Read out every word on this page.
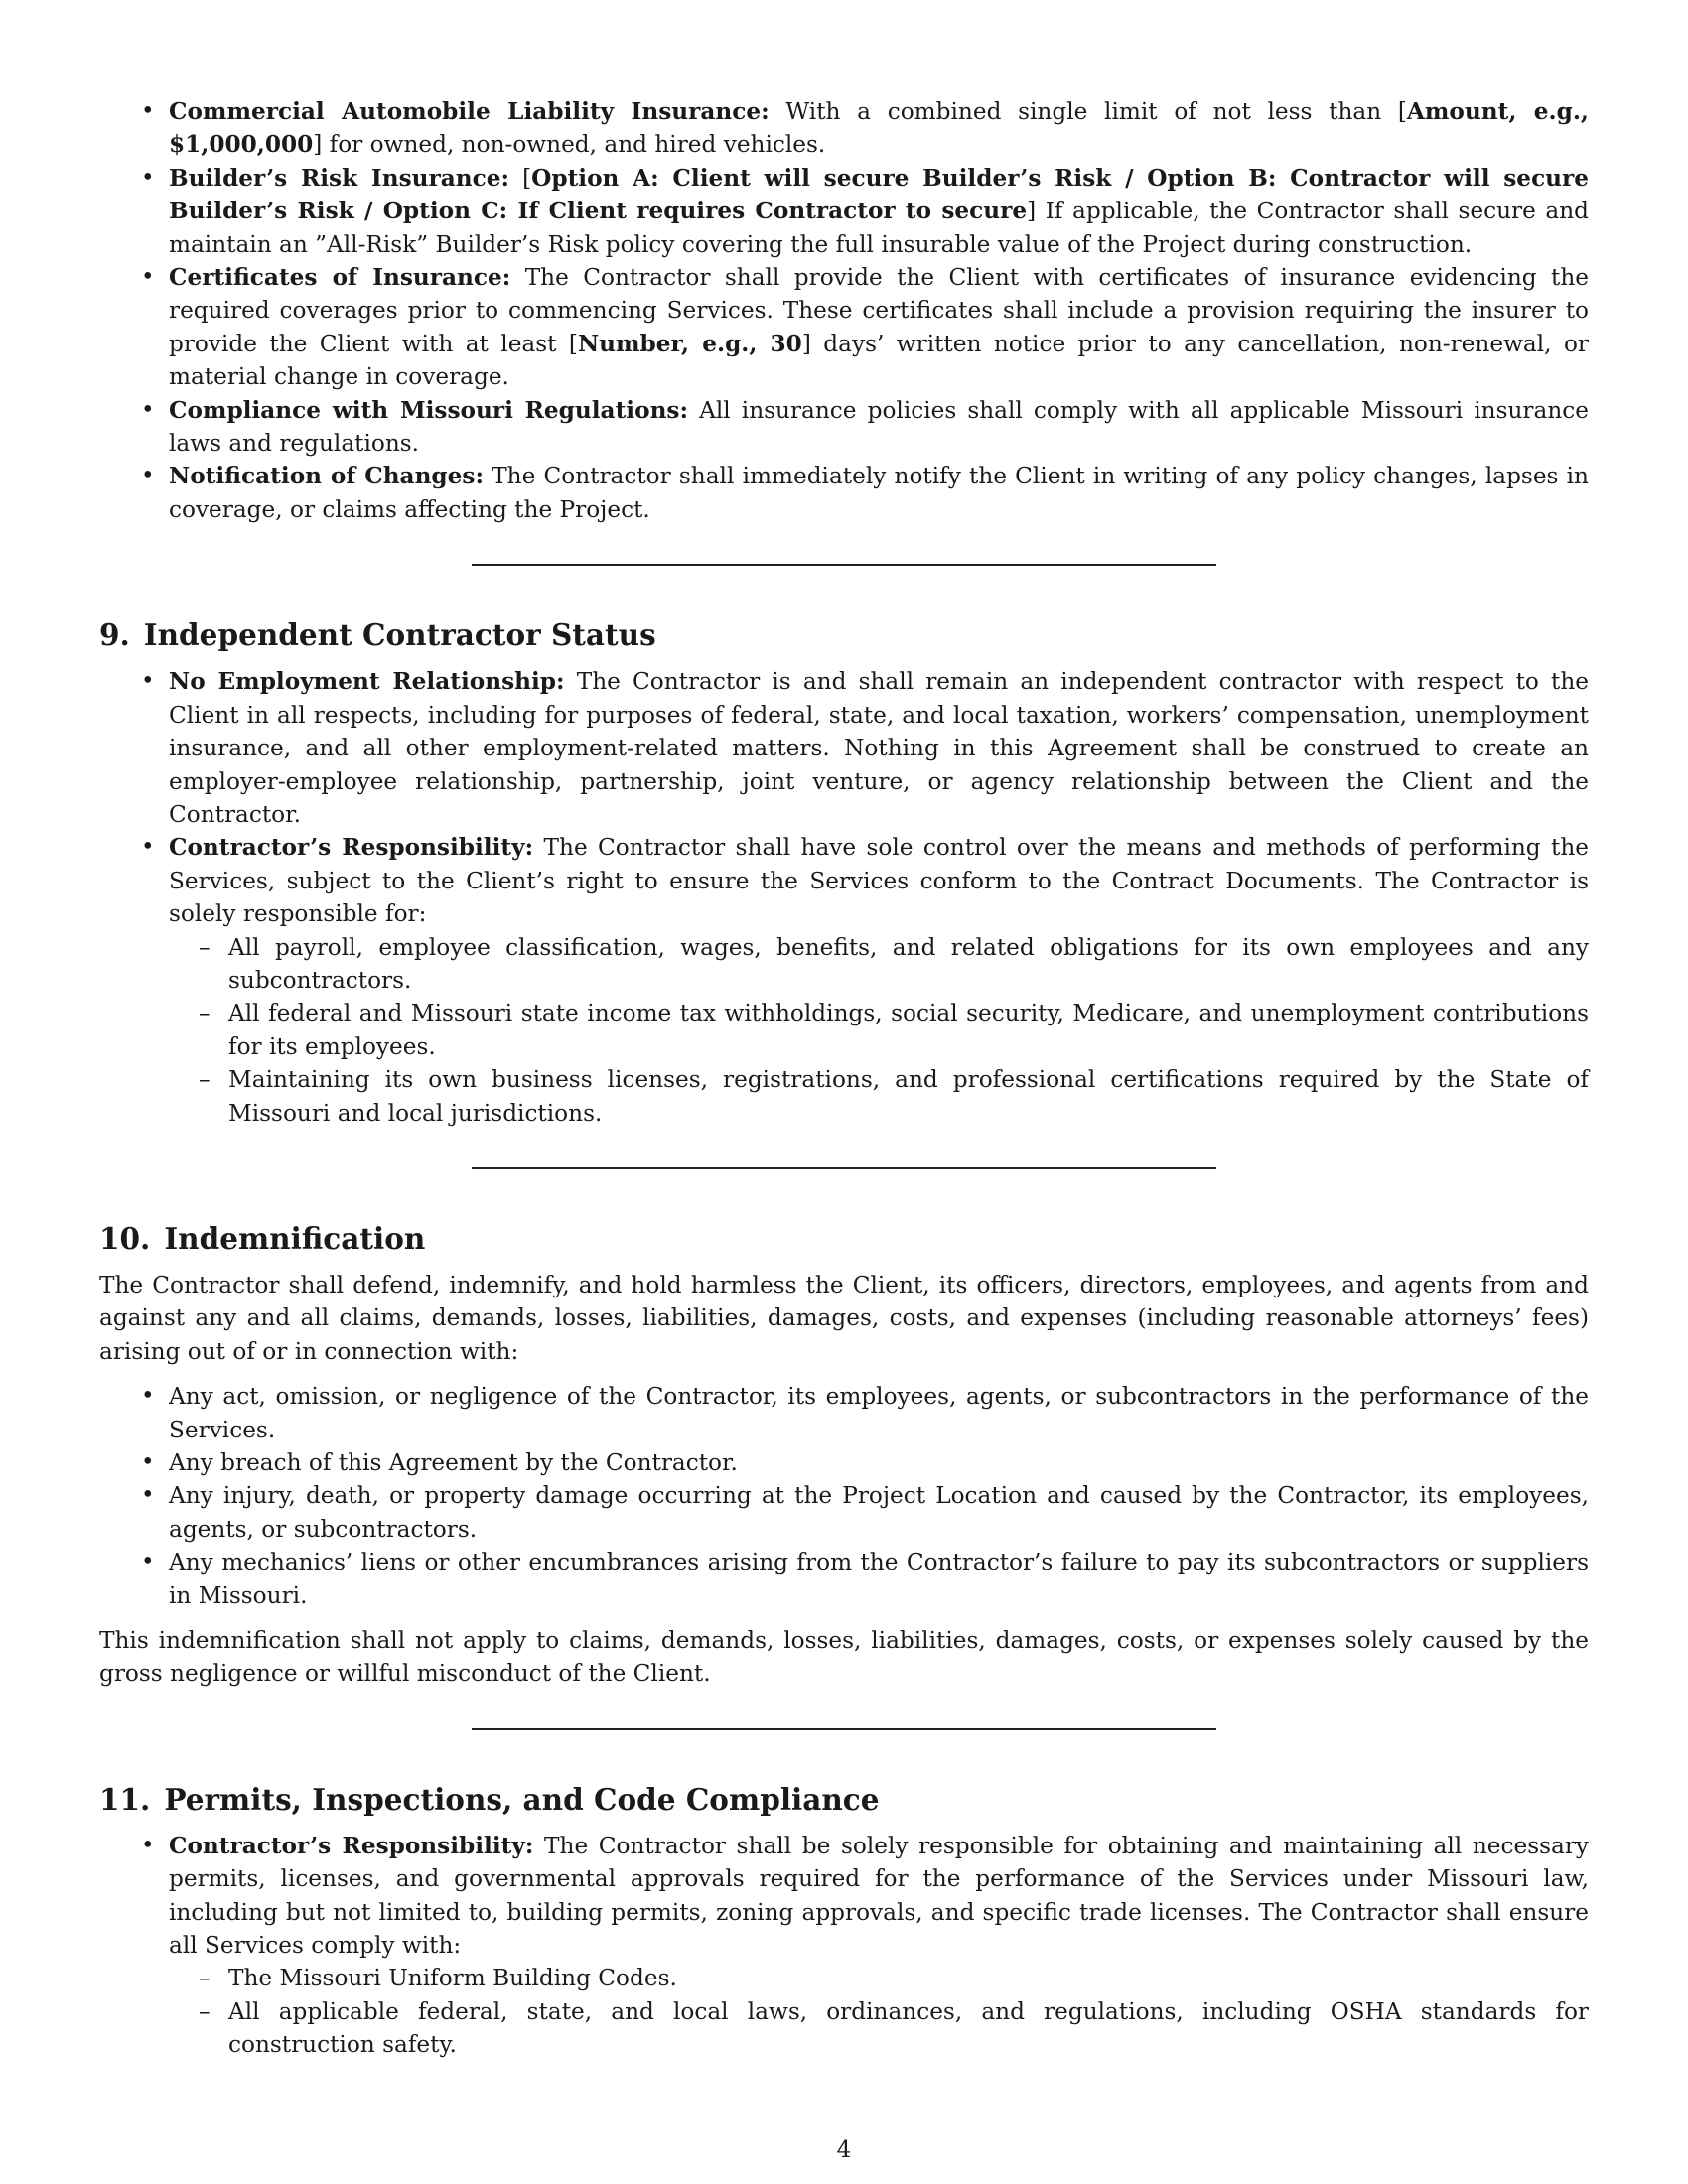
• Commercial Automobile Liability Insurance: With a combined single limit of not less than [Amount, e.g., $1,000,000] for owned, non-owned, and hired vehicles.
• Builder’s Risk Insurance: [Option A: Client will secure Builder’s Risk / Option B: Contractor will secure Builder’s Risk / Option C: If Client requires Contractor to secure] If applicable, the Contractor shall secure and maintain an ”All-Risk” Builder’s Risk policy covering the full insurable value of the Project during construction.
• Certificates of Insurance: The Contractor shall provide the Client with certificates of insurance evidencing the required coverages prior to commencing Services. These certificates shall include a provision requiring the insurer to provide the Client with at least [Number, e.g., 30] days’ written notice prior to any cancellation, non-renewal, or material change in coverage.
• Compliance with Missouri Regulations: All insurance policies shall comply with all applicable Missouri insurance laws and regulations.
• Notification of Changes: The Contractor shall immediately notify the Client in writing of any policy changes, lapses in coverage, or claims affecting the Project.
9. Independent Contractor Status
• No Employment Relationship: The Contractor is and shall remain an independent contractor with respect to the Client in all respects, including for purposes of federal, state, and local taxation, workers’ compensation, unemployment insurance, and all other employment-related matters. Nothing in this Agreement shall be construed to create an employer-employee relationship, partnership, joint venture, or agency relationship between the Client and the Contractor.
• Contractor’s Responsibility: The Contractor shall have sole control over the means and methods of performing the Services, subject to the Client’s right to ensure the Services conform to the Contract Documents. The Contractor is solely responsible for:
– All payroll, employee classification, wages, benefits, and related obligations for its own employees and any subcontractors.
– All federal and Missouri state income tax withholdings, social security, Medicare, and unemployment contributions for its employees.
– Maintaining its own business licenses, registrations, and professional certifications required by the State of Missouri and local jurisdictions.
10. Indemnification

The Contractor shall defend, indemnify, and hold harmless the Client, its officers, directors, employees, and agents from and against any and all claims, demands, losses, liabilities, damages, costs, and expenses (including reasonable attorneys’ fees) arising out of or in connection with:

• Any act, omission, or negligence of the Contractor, its employees, agents, or subcontractors in the performance of the Services.
• Any breach of this Agreement by the Contractor.
• Any injury, death, or property damage occurring at the Project Location and caused by the Contractor, its employees, agents, or subcontractors.
• Any mechanics’ liens or other encumbrances arising from the Contractor’s failure to pay its subcontractors or suppliers in Missouri.

This indemnification shall not apply to claims, demands, losses, liabilities, damages, costs, or expenses solely caused by the gross negligence or willful misconduct of the Client.

11. Permits, Inspections, and Code Compliance
• Contractor’s Responsibility: The Contractor shall be solely responsible for obtaining and maintaining all necessary permits, licenses, and governmental approvals required for the performance of the Services under Missouri law, including but not limited to, building permits, zoning approvals, and specific trade licenses. The Contractor shall ensure all Services comply with:
– The Missouri Uniform Building Codes.
– All applicable federal, state, and local laws, ordinances, and regulations, including OSHA standards for construction safety.
4
